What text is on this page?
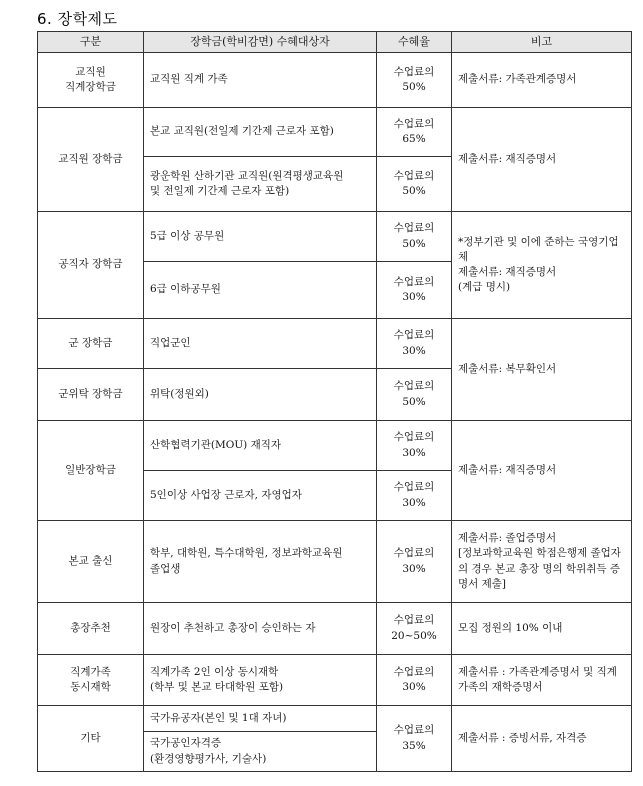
6. 장학제도
구분	장학금(학비감면) 수혜대상자	수혜율	비고
교직원
직계장학금	교직원 직계 가족	수업료의
50%	제출서류: 가족관계증명서
교직원 장학금	본교 교직원(전일제 기간제 근로자 포함)	수업료의
65%	제출서류: 재직증명서
	광운학원 산하기관 교직원(원격평생교육원
및 전일제 기간제 근로자 포함)	수업료의
50%	
공직자 장학금	5급 이상 공무원	수업료의
50%	*정부기관 및 이에 준하는 국영기업체
제출서류: 재직증명서
(계급 명시)
	6급 이하공무원	수업료의
30%	
군 장학금	직업군인	수업료의
30%	제출서류: 복무확인서
군위탁 장학금	위탁(정원외)	수업료의
50%	
일반장학금	산학협력기관(MOU) 재직자	수업료의
30%	제출서류: 재직증명서
	5인이상 사업장 근로자, 자영업자	수업료의
30%	
본교 출신	학부, 대학원, 특수대학원, 정보과학교육원
졸업생	수업료의
30%	제출서류: 졸업증명서
[정보과학교육원 학점은행제 졸업자의 경우 본교 총장 명의 학위취득 증명서 제출]
총장추천	원장이 추천하고 총장이 승인하는 자	수업료의
20~50%	모집 정원의 10% 이내
직계가족
동시재학	직계가족 2인 이상 동시재학
(학부 및 본교 타대학원 포함)	수업료의
30%	제출서류 : 가족관계증명서 및 직계가족의 재학증명서
기타	국가유공자(본인 및 1대 자녀)	수업료의
35%	제출서류 : 증빙서류, 자격증
	국가공인자격증
(환경영향평가사, 기술사)		
